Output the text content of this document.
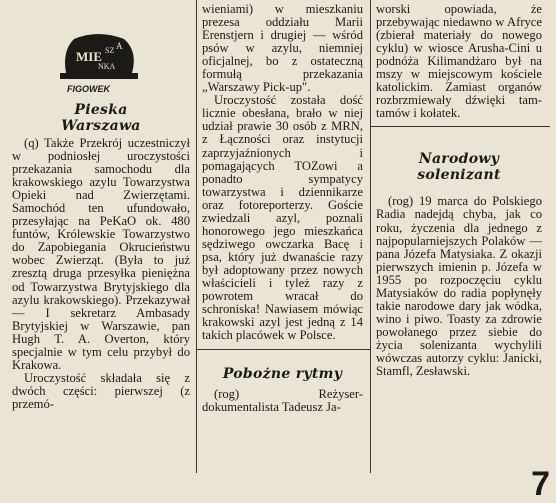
MIE SZ A
NKA
FIGOWEK

Pieska

Warszawa

(q) Także Przekrój uczestniczył w podniosłej uroczystości przekazania samochodu dla krakowskiego azylu Towarzystwa Opieki nad Zwierzętami. Samochód ten ufundowało, przesyłając na PeKaO ok. 480 funtów, Królewskie Towarzystwo do Zapobiegania Okrucieństwu wobec Zwierząt. (Była to już zresztą druga przesyłka pieniężna od Towarzystwa Brytyjskiego dla azylu krakowskiego). Przekazywał — I sekretarz Ambasady Brytyjskiej w Warszawie, pan Hugh T. A. Overton, który specjalnie w tym celu przybył do Krakowa.

Uroczystość składała się z dwóch części: pierwszej (z przemó-

wieniami) w mieszkaniu prezesa oddziału Marii Erenstjern i drugiej — wśród psów w azylu, niemniej oficjalnej, bo z ostateczną formułą przekazania „Warszawy Pick-up".

Uroczystość została dość licznie obesłana, brało w niej udział prawie 30 osób z MRN, z Łączności oraz instytucji zaprzyjaźnionych i pomagających TOZowi a ponadto sympatycy towarzystwa i dziennikarze oraz fotoreporterzy. Goście zwiedzali azyl, poznali honorowego jego mieszkańca sędziwego owczarka Bacę i psa, który już dwanaście razy był adoptowany przez nowych właścicieli i tyleż razy z powrotem wracał do schroniska! Nawiasem mówiąc krakowski azyl jest jedną z 14 takich placówek w Polsce.

Pobożne rytmy

(rog) Reżyser-dokumentalista Tadeusz Ja-

worski opowiada, że przebywając niedawno w Afryce (zbierał materiały do nowego cyklu) w wiosce Arusha-Cini u podnóża Kilimandżaro był na mszy w miejscowym kościele katolickim. Zamiast organów rozbrzmiewały dźwięki tam-tamów i kołatek.

Narodowy

solenizant

(rog) 19 marca do Polskiego Radia nadejdą chyba, jak co roku, życzenia dla jednego z najpopularniejszych Polaków — pana Józefa Matysiaka. Z okazji pierwszych imienin p. Józefa w 1955 po rozpoczęciu cyklu Matysiaków do radia popłynęły takie narodowe dary jak wódka, wino i piwo. Toasty za zdrowie powołanego przez siebie do życia solenizanta wychylili wówczas autorzy cyklu: Janicki, Stamfl, Zesławski.

7
